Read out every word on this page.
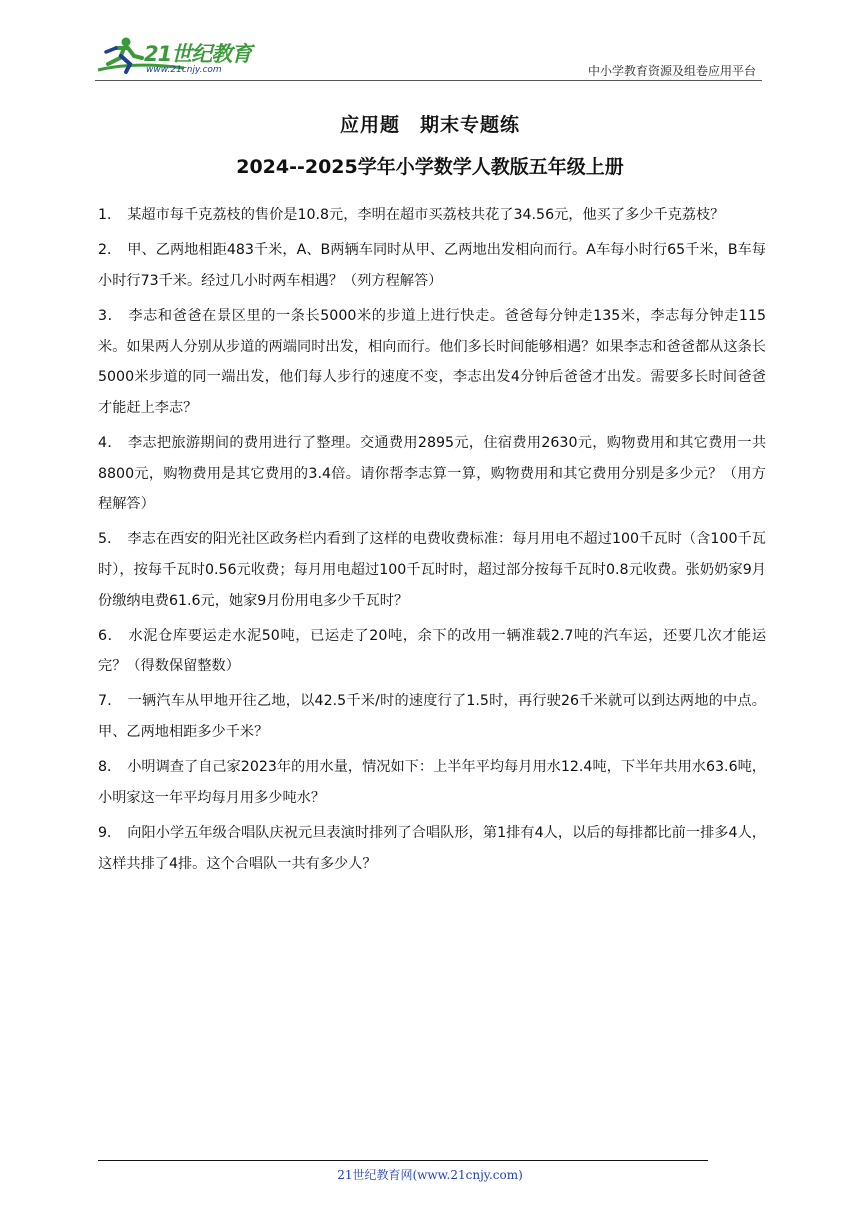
21世纪教育
www.21cnjy.com	中小学教育资源及组卷应用平台
应用题　期末专题练
2024--2025学年小学数学人教版五年级上册

1． 某超市每千克荔枝的售价是10.8元，李明在超市买荔枝共花了34.56元，他买了多少千克荔枝？

2． 甲、乙两地相距483千米，A、B两辆车同时从甲、乙两地出发相向而行。A车每小时行65千米，B车每小时行73千米。经过几小时两车相遇？（列方程解答）

3． 李志和爸爸在景区里的一条长5000米的步道上进行快走。爸爸每分钟走135米，李志每分钟走115米。如果两人分别从步道的两端同时出发，相向而行。他们多长时间能够相遇？如果李志和爸爸都从这条长5000米步道的同一端出发，他们每人步行的速度不变，李志出发4分钟后爸爸才出发。需要多长时间爸爸才能赶上李志？

4． 李志把旅游期间的费用进行了整理。交通费用2895元，住宿费用2630元，购物费用和其它费用一共8800元，购物费用是其它费用的3.4倍。请你帮李志算一算，购物费用和其它费用分别是多少元？（用方程解答）

5． 李志在西安的阳光社区政务栏内看到了这样的电费收费标准：每月用电不超过100千瓦时（含100千瓦时），按每千瓦时0.56元收费；每月用电超过100千瓦时时，超过部分按每千瓦时0.8元收费。张奶奶家9月份缴纳电费61.6元，她家9月份用电多少千瓦时？

6． 水泥仓库要运走水泥50吨，已运走了20吨，余下的改用一辆准载2.7吨的汽车运，还要几次才能运完？（得数保留整数）

7． 一辆汽车从甲地开往乙地，以42.5千米/时的速度行了1.5时，再行驶26千米就可以到达两地的中点。甲、乙两地相距多少千米？

8． 小明调查了自己家2023年的用水量，情况如下：上半年平均每月用水12.4吨，下半年共用水63.6吨，小明家这一年平均每月用多少吨水？

9． 向阳小学五年级合唱队庆祝元旦表演时排列了合唱队形，第1排有4人，以后的每排都比前一排多4人，这样共排了4排。这个合唱队一共有多少人？

21世纪教育网(www.21cnjy.com)
